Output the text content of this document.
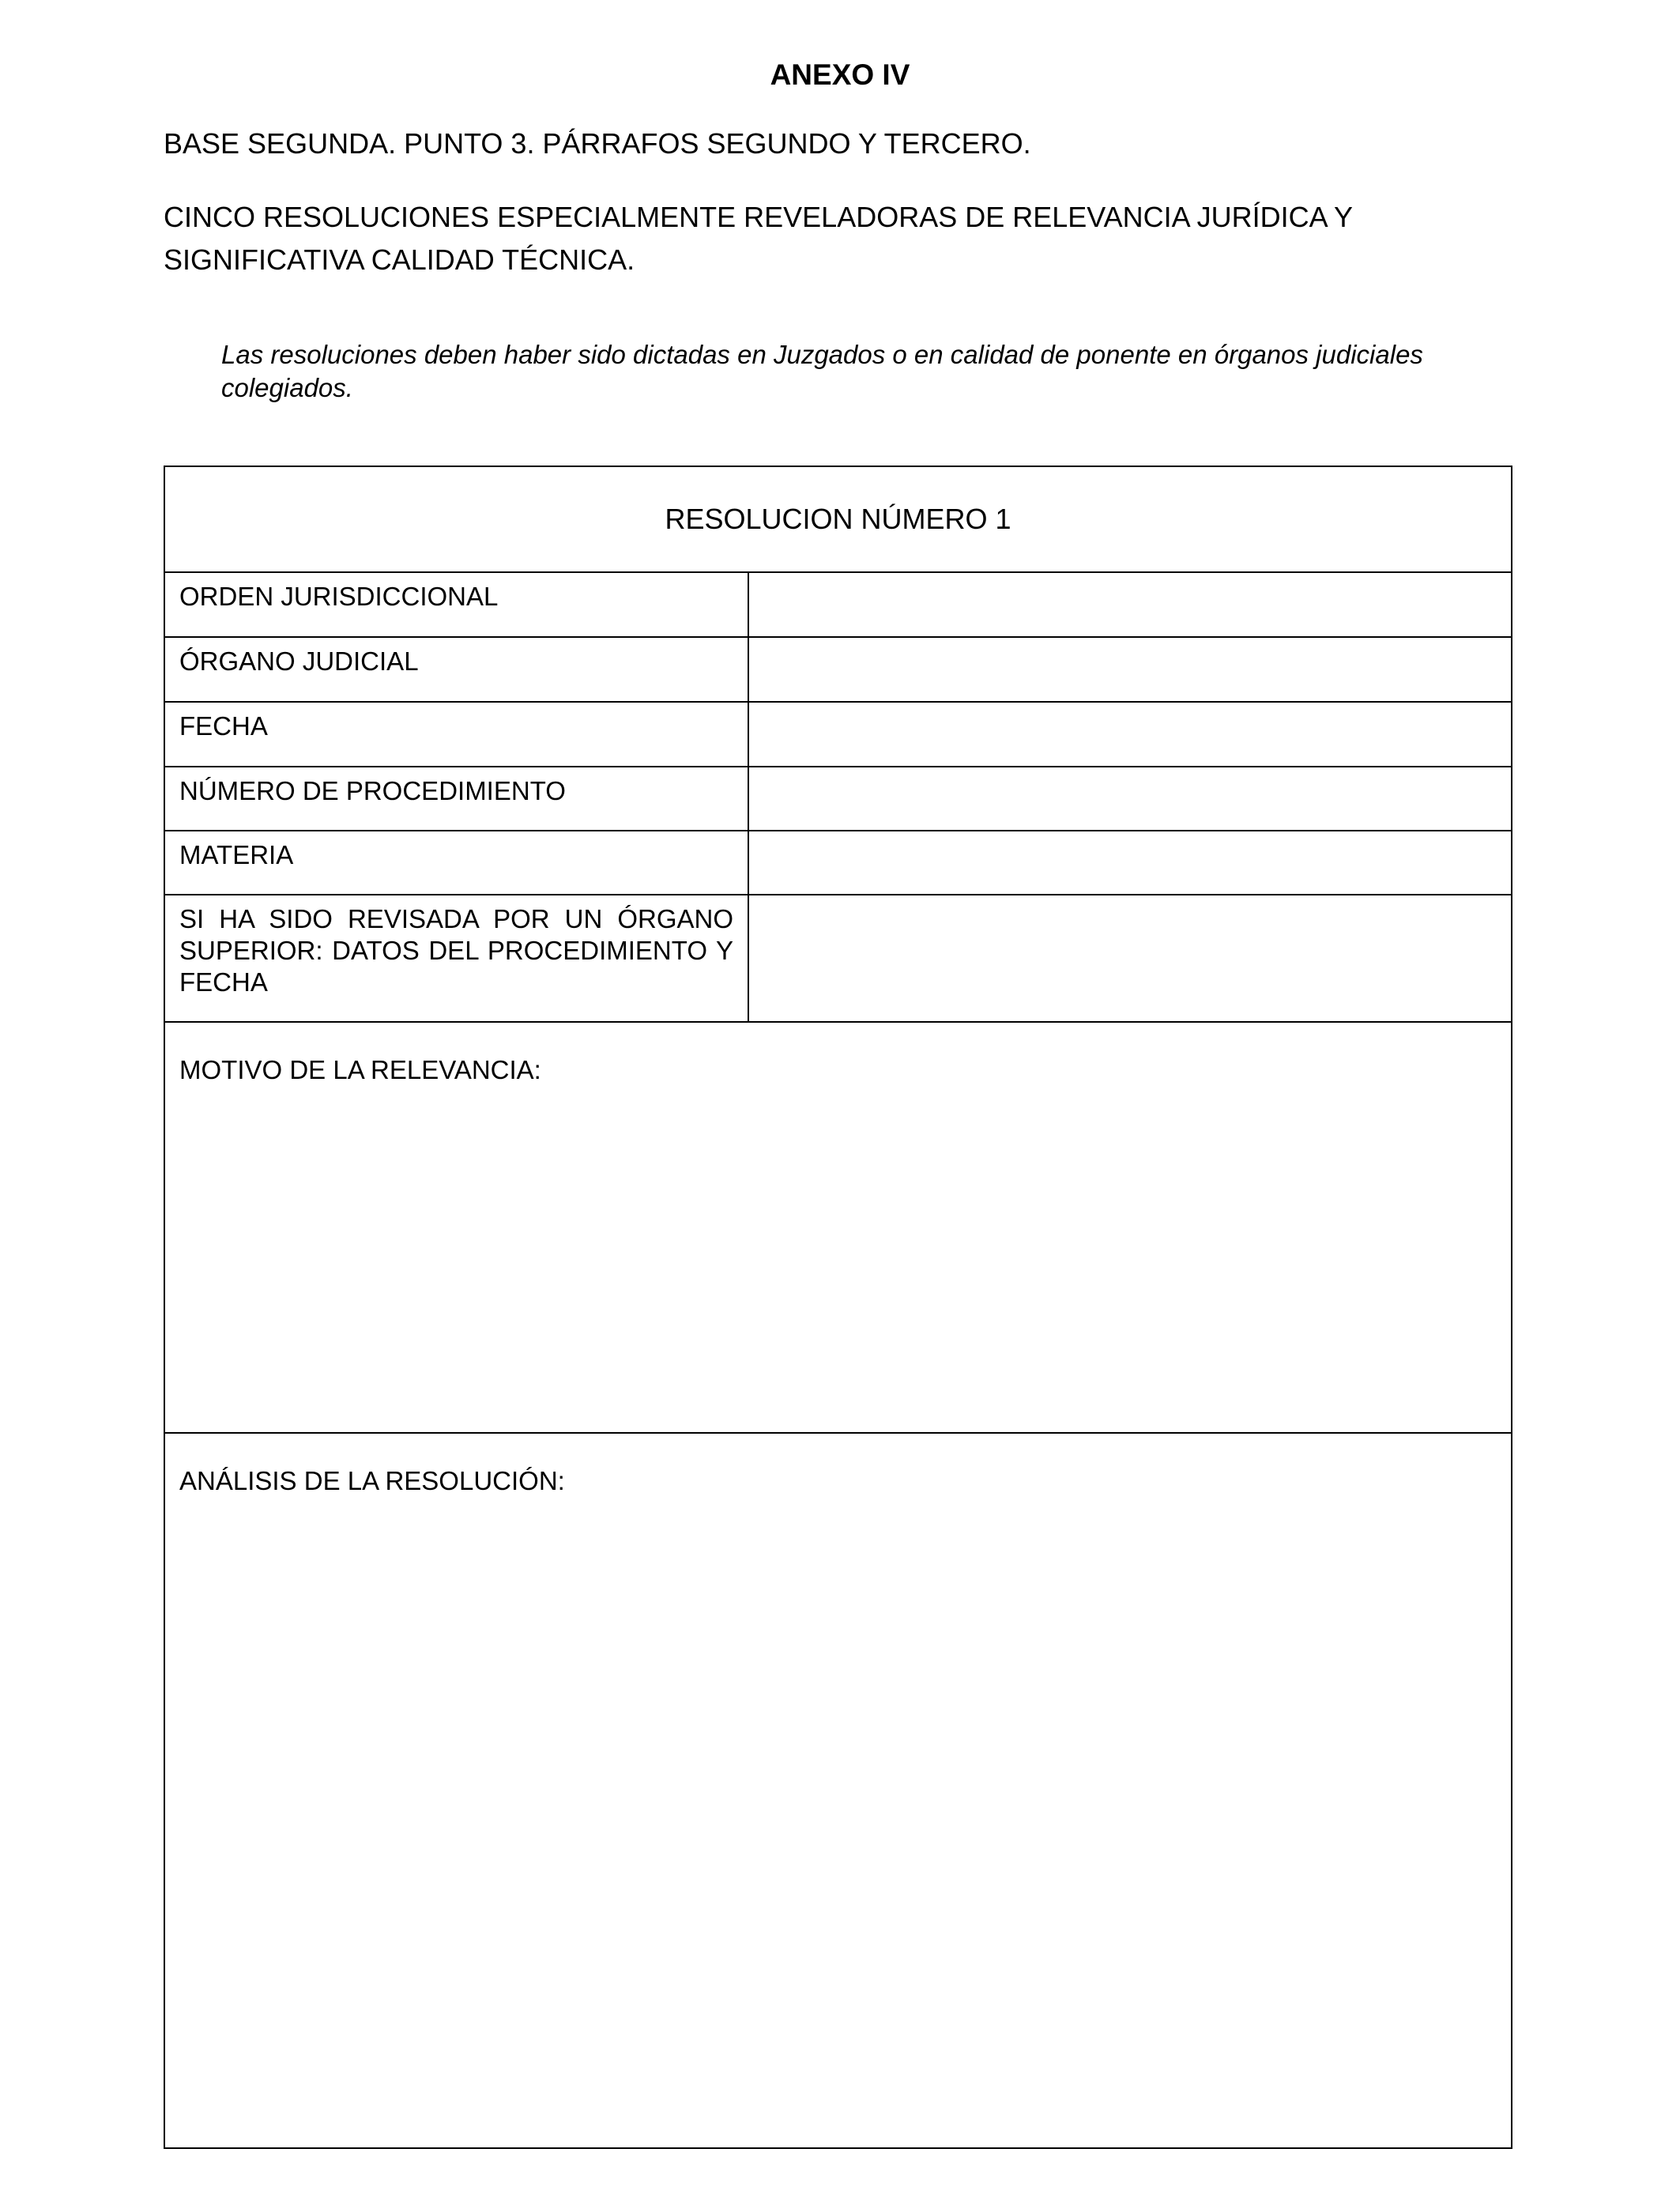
ANEXO IV
BASE SEGUNDA. PUNTO 3. PÁRRAFOS SEGUNDO Y TERCERO.
CINCO RESOLUCIONES ESPECIALMENTE REVELADORAS DE RELEVANCIA JURÍDICA Y SIGNIFICATIVA CALIDAD TÉCNICA.
Las resoluciones deben haber sido dictadas en Juzgados o en calidad de ponente en órganos judiciales colegiados.
RESOLUCION NÚMERO 1
ORDEN JURISDICCIONAL
ÓRGANO JUDICIAL
FECHA
NÚMERO DE PROCEDIMIENTO
MATERIA
SI HA SIDO REVISADA POR UN ÓRGANO SUPERIOR: DATOS DEL PROCEDIMIENTO Y FECHA
MOTIVO DE LA RELEVANCIA:
ANÁLISIS DE LA RESOLUCIÓN:
